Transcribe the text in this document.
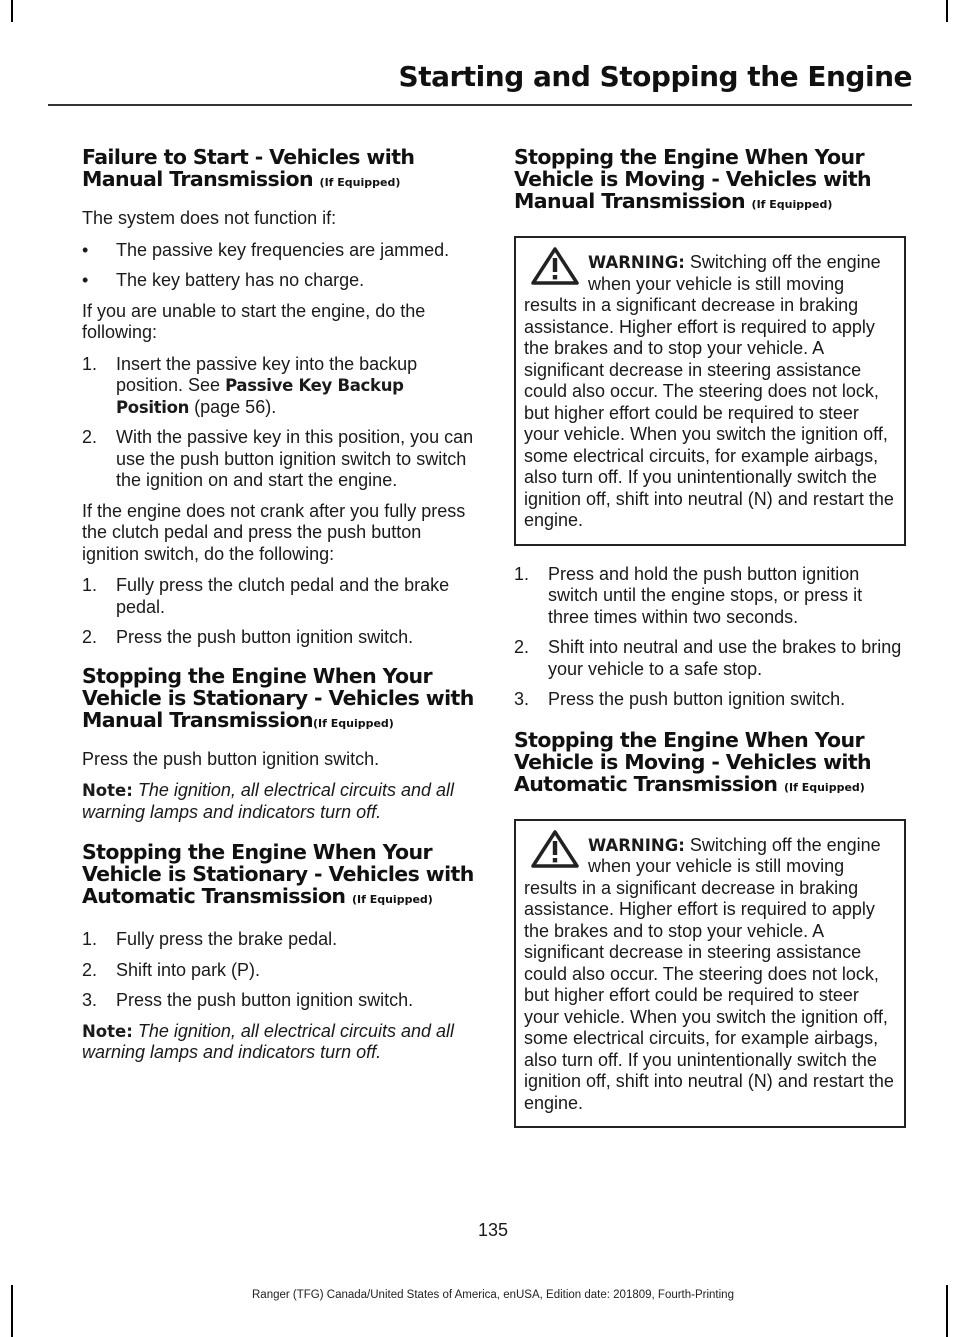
Starting and Stopping the Engine
Failure to Start - Vehicles with Manual Transmission (If Equipped)

The system does not function if:

•	The passive key frequencies are jammed.
•	The key battery has no charge.

If you are unable to start the engine, do the following:

1.	Insert the passive key into the backup position. See Passive Key Backup Position (page 56).
2.	With the passive key in this position, you can use the push button ignition switch to switch the ignition on and start the engine.

If the engine does not crank after you fully press the clutch pedal and press the push button ignition switch, do the following:

1.	Fully press the clutch pedal and the brake pedal.
2.	Press the push button ignition switch.
Stopping the Engine When Your Vehicle is Stationary - Vehicles with Manual Transmission(If Equipped)

Press the push button ignition switch.

Note: The ignition, all electrical circuits and all warning lamps and indicators turn off.

Stopping the Engine When Your Vehicle is Stationary - Vehicles with Automatic Transmission (If Equipped)
1.	Fully press the brake pedal.
2.	Shift into park (P).
3.	Press the push button ignition switch.

Note: The ignition, all electrical circuits and all warning lamps and indicators turn off.

Stopping the Engine When Your Vehicle is Moving - Vehicles with Manual Transmission (If Equipped)
WARNING: Switching off the engine when your vehicle is still moving results in a significant decrease in braking assistance. Higher effort is required to apply the brakes and to stop your vehicle. A significant decrease in steering assistance could also occur. The steering does not lock, but higher effort could be required to steer your vehicle. When you switch the ignition off, some electrical circuits, for example airbags, also turn off. If you unintentionally switch the ignition off, shift into neutral (N) and restart the engine.
1.	Press and hold the push button ignition switch until the engine stops, or press it three times within two seconds.
2.	Shift into neutral and use the brakes to bring your vehicle to a safe stop.
3.	Press the push button ignition switch.
Stopping the Engine When Your Vehicle is Moving - Vehicles with Automatic Transmission (If Equipped)
WARNING: Switching off the engine when your vehicle is still moving results in a significant decrease in braking assistance. Higher effort is required to apply the brakes and to stop your vehicle. A significant decrease in steering assistance could also occur. The steering does not lock, but higher effort could be required to steer your vehicle. When you switch the ignition off, some electrical circuits, for example airbags, also turn off. If you unintentionally switch the ignition off, shift into neutral (N) and restart the engine.
135
Ranger (TFG) Canada/United States of America, enUSA, Edition date: 201809, Fourth-Printing
